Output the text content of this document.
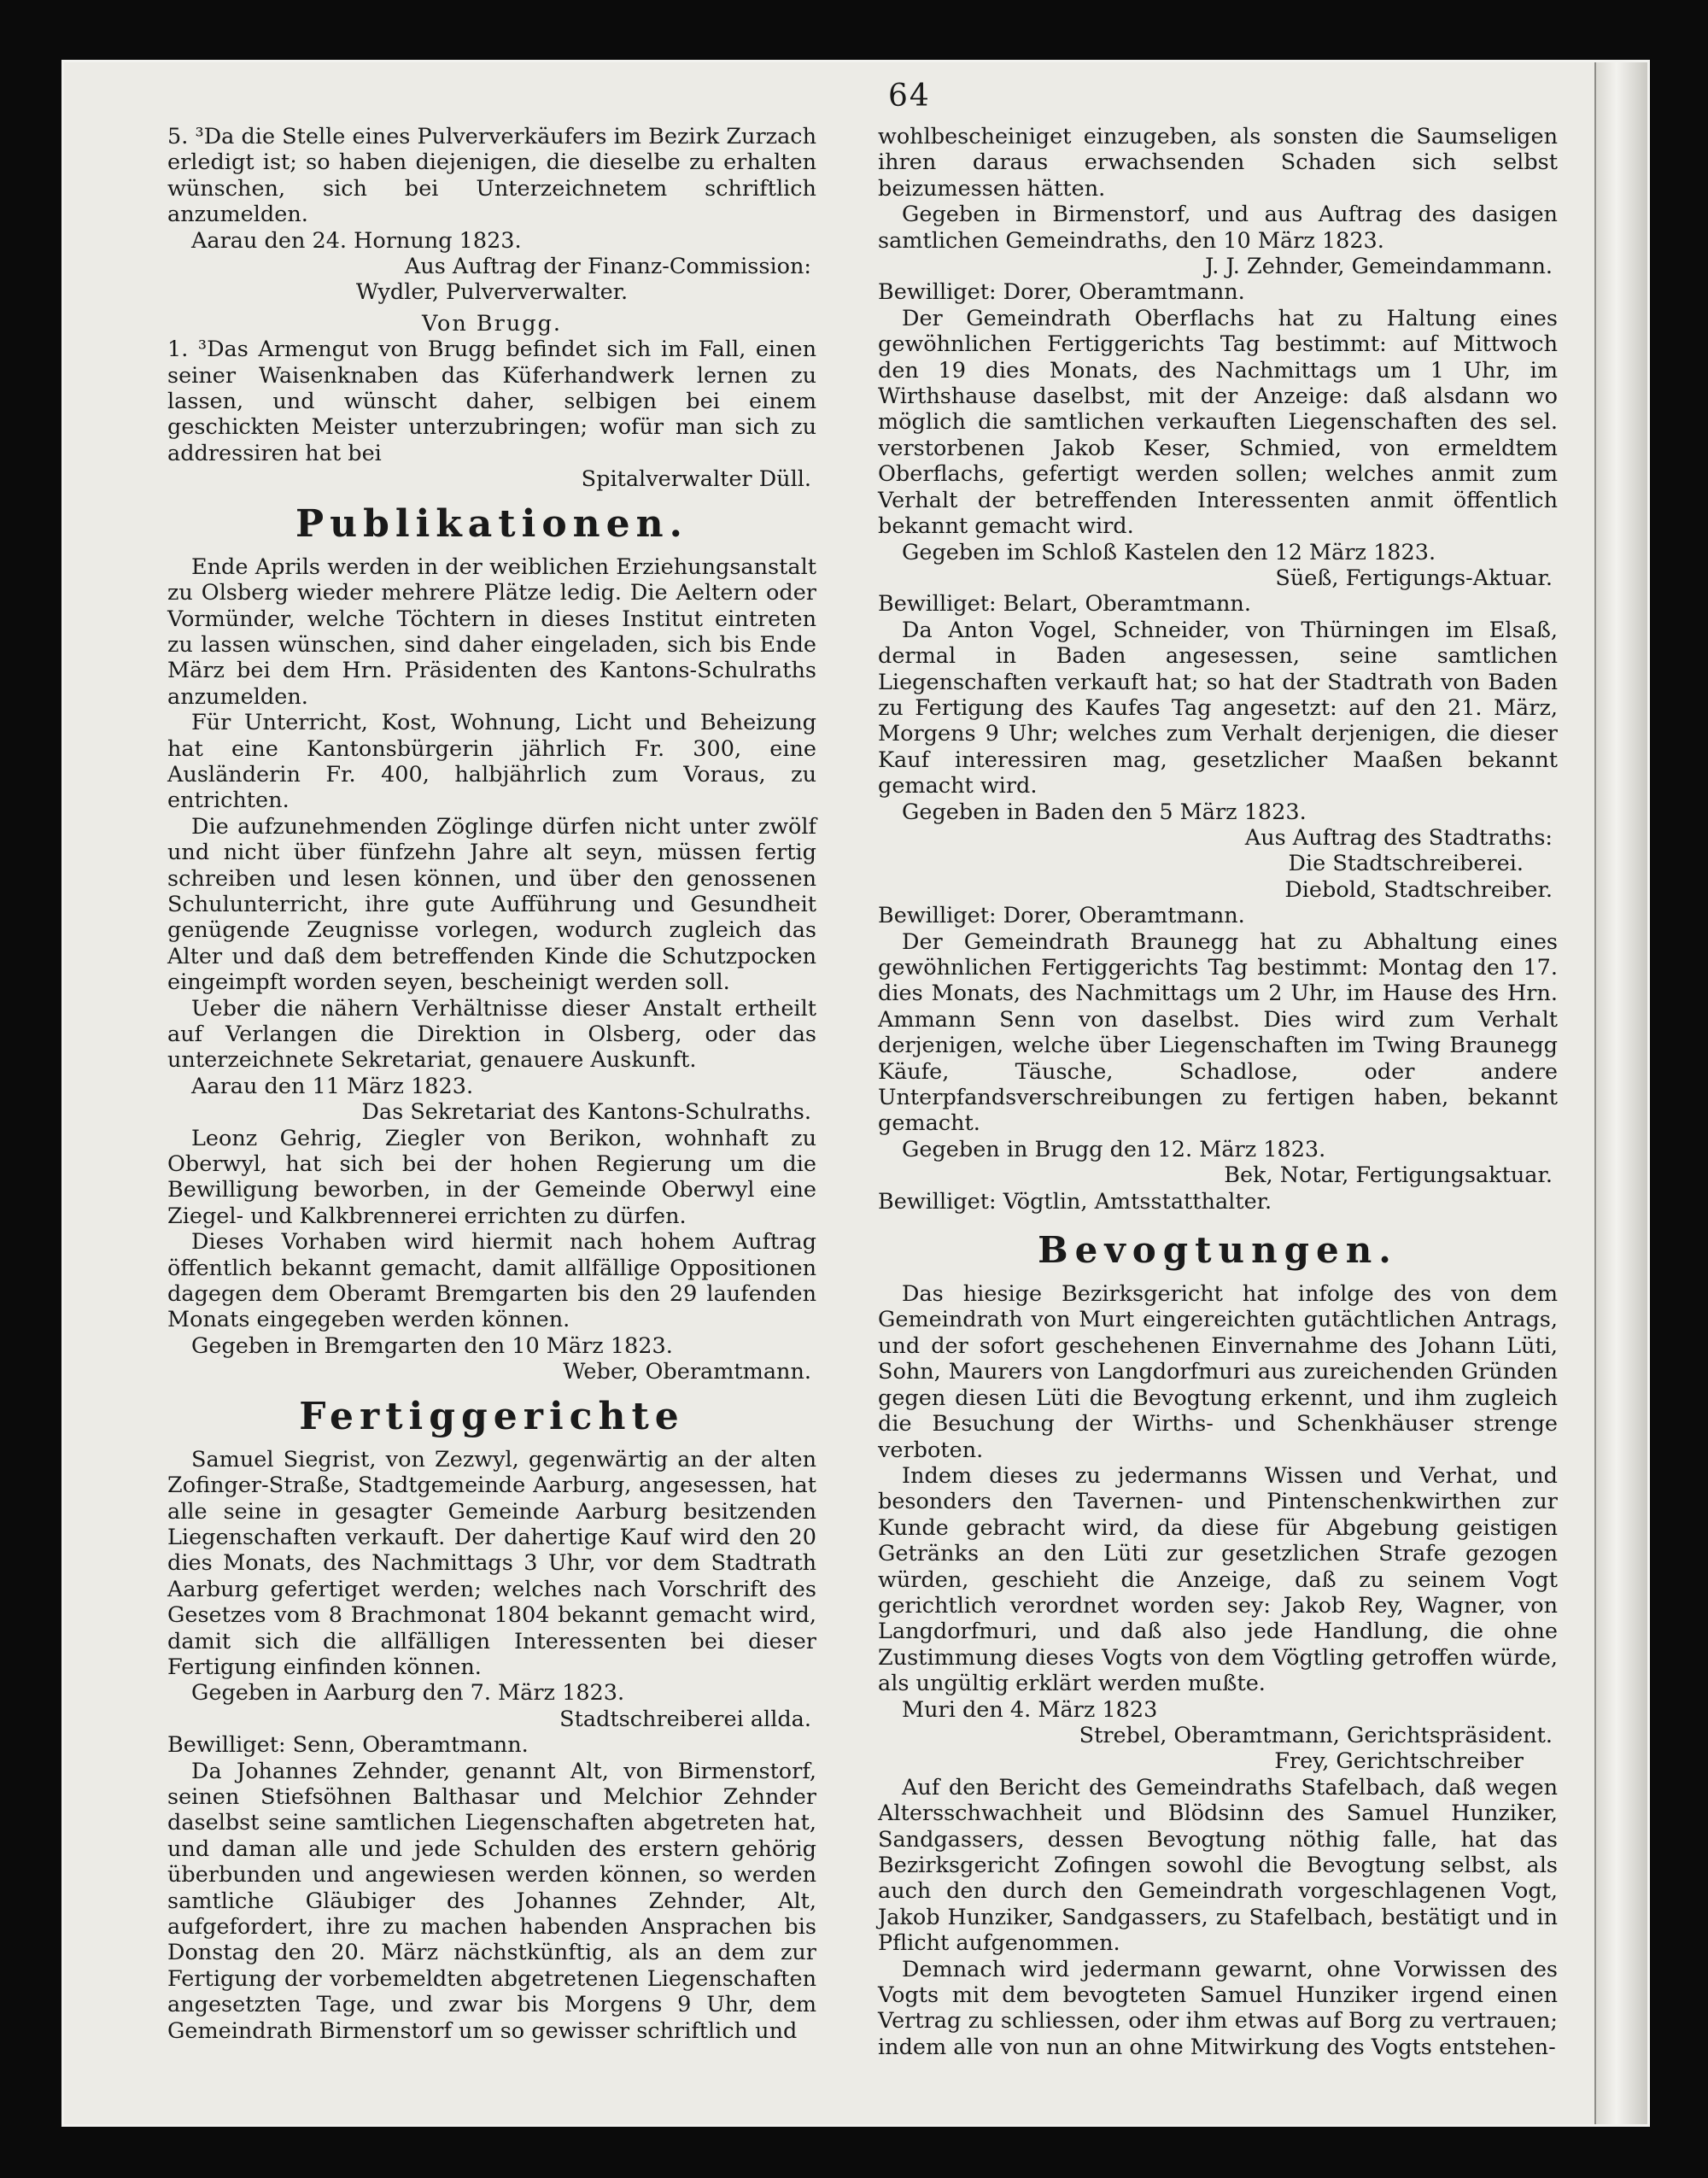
64

5. ³Da die Stelle eines Pulververkäufers im Bezirk Zurzach erledigt ist; so haben diejenigen, die dieselbe zu erhalten wünschen, sich bei Unterzeichnetem schriftlich anzumelden.

Aarau den 24. Hornung 1823.

Aus Auftrag der Finanz-Commission:

Wydler, Pulververwalter.

Von Brugg.

1. ³Das Armengut von Brugg befindet sich im Fall, einen seiner Waisenknaben das Küferhandwerk lernen zu lassen, und wünscht daher, selbigen bei einem geschickten Meister unterzubringen; wofür man sich zu addressiren hat bei

Spitalverwalter Düll.

Publikationen.

Ende Aprils werden in der weiblichen Erziehungsanstalt zu Olsberg wieder mehrere Plätze ledig. Die Aeltern oder Vormünder, welche Töchtern in dieses Institut eintreten zu lassen wünschen, sind daher eingeladen, sich bis Ende März bei dem Hrn. Präsidenten des Kantons-Schulraths anzumelden.

Für Unterricht, Kost, Wohnung, Licht und Beheizung hat eine Kantonsbürgerin jährlich Fr. 300, eine Ausländerin Fr. 400, halbjährlich zum Voraus, zu entrichten.

Die aufzunehmenden Zöglinge dürfen nicht unter zwölf und nicht über fünfzehn Jahre alt seyn, müssen fertig schreiben und lesen können, und über den genossenen Schulunterricht, ihre gute Aufführung und Gesundheit genügende Zeugnisse vorlegen, wodurch zugleich das Alter und daß dem betreffenden Kinde die Schutzpocken eingeimpft worden seyen, bescheinigt werden soll.

Ueber die nähern Verhältnisse dieser Anstalt ertheilt auf Verlangen die Direktion in Olsberg, oder das unterzeichnete Sekretariat, genauere Auskunft.

Aarau den 11 März 1823.

Das Sekretariat des Kantons-Schulraths.

Leonz Gehrig, Ziegler von Berikon, wohnhaft zu Oberwyl, hat sich bei der hohen Regierung um die Bewilligung beworben, in der Gemeinde Oberwyl eine Ziegel- und Kalkbrennerei errichten zu dürfen.

Dieses Vorhaben wird hiermit nach hohem Auftrag öffentlich bekannt gemacht, damit allfällige Oppositionen dagegen dem Oberamt Bremgarten bis den 29 laufenden Monats eingegeben werden können.

Gegeben in Bremgarten den 10 März 1823.

Weber, Oberamtmann.

Fertiggerichte

Samuel Siegrist, von Zezwyl, gegenwärtig an der alten Zofinger-Straße, Stadtgemeinde Aarburg, angesessen, hat alle seine in gesagter Gemeinde Aarburg besitzenden Liegenschaften verkauft. Der dahertige Kauf wird den 20 dies Monats, des Nachmittags 3 Uhr, vor dem Stadtrath Aarburg gefertiget werden; welches nach Vorschrift des Gesetzes vom 8 Brachmonat 1804 bekannt gemacht wird, damit sich die allfälligen Interessenten bei dieser Fertigung einfinden können.

Gegeben in Aarburg den 7. März 1823.

Stadtschreiberei allda.

Bewilliget: Senn, Oberamtmann.

Da Johannes Zehnder, genannt Alt, von Birmenstorf, seinen Stiefsöhnen Balthasar und Melchior Zehnder daselbst seine samtlichen Liegenschaften abgetreten hat, und daman alle und jede Schulden des erstern gehörig überbunden und angewiesen werden können, so werden samtliche Gläubiger des Johannes Zehnder, Alt, aufgefordert, ihre zu machen habenden Ansprachen bis Donstag den 20. März nächstkünftig, als an dem zur Fertigung der vorbemeldten abgetretenen Liegenschaften angesetzten Tage, und zwar bis Morgens 9 Uhr, dem Gemeindrath Birmenstorf um so gewisser schriftlich und

wohlbescheiniget einzugeben, als sonsten die Saumseligen ihren daraus erwachsenden Schaden sich selbst beizumessen hätten.

Gegeben in Birmenstorf, und aus Auftrag des dasigen samtlichen Gemeindraths, den 10 März 1823.

J. J. Zehnder, Gemeindammann.

Bewilliget: Dorer, Oberamtmann.

Der Gemeindrath Oberflachs hat zu Haltung eines gewöhnlichen Fertiggerichts Tag bestimmt: auf Mittwoch den 19 dies Monats, des Nachmittags um 1 Uhr, im Wirthshause daselbst, mit der Anzeige: daß alsdann wo möglich die samtlichen verkauften Liegenschaften des sel. verstorbenen Jakob Keser, Schmied, von ermeldtem Oberflachs, gefertigt werden sollen; welches anmit zum Verhalt der betreffenden Interessenten anmit öffentlich bekannt gemacht wird.

Gegeben im Schloß Kastelen den 12 März 1823.

Süeß, Fertigungs-Aktuar.

Bewilliget: Belart, Oberamtmann.

Da Anton Vogel, Schneider, von Thürningen im Elsaß, dermal in Baden angesessen, seine samtlichen Liegenschaften verkauft hat; so hat der Stadtrath von Baden zu Fertigung des Kaufes Tag angesetzt: auf den 21. März, Morgens 9 Uhr; welches zum Verhalt derjenigen, die dieser Kauf interessiren mag, gesetzlicher Maaßen bekannt gemacht wird.

Gegeben in Baden den 5 März 1823.

Aus Auftrag des Stadtraths:

Die Stadtschreiberei.

Diebold, Stadtschreiber.

Bewilliget: Dorer, Oberamtmann.

Der Gemeindrath Braunegg hat zu Abhaltung eines gewöhnlichen Fertiggerichts Tag bestimmt: Montag den 17. dies Monats, des Nachmittags um 2 Uhr, im Hause des Hrn. Ammann Senn von daselbst. Dies wird zum Verhalt derjenigen, welche über Liegenschaften im Twing Braunegg Käufe, Täusche, Schadlose, oder andere Unterpfandsverschreibungen zu fertigen haben, bekannt gemacht.

Gegeben in Brugg den 12. März 1823.

Bek, Notar, Fertigungsaktuar.

Bewilliget: Vögtlin, Amtsstatthalter.

Bevogtungen.

Das hiesige Bezirksgericht hat infolge des von dem Gemeindrath von Murt eingereichten gutächtlichen Antrags, und der sofort geschehenen Einvernahme des Johann Lüti, Sohn, Maurers von Langdorfmuri aus zureichenden Gründen gegen diesen Lüti die Bevogtung erkennt, und ihm zugleich die Besuchung der Wirths- und Schenkhäuser strenge verboten.

Indem dieses zu jedermanns Wissen und Verhat, und besonders den Tavernen- und Pintenschenkwirthen zur Kunde gebracht wird, da diese für Abgebung geistigen Getränks an den Lüti zur gesetzlichen Strafe gezogen würden, geschieht die Anzeige, daß zu seinem Vogt gerichtlich verordnet worden sey: Jakob Rey, Wagner, von Langdorfmuri, und daß also jede Handlung, die ohne Zustimmung dieses Vogts von dem Vögtling getroffen würde, als ungültig erklärt werden mußte.

Muri den 4. März 1823

Strebel, Oberamtmann, Gerichtspräsident.

Frey, Gerichtschreiber

Auf den Bericht des Gemeindraths Stafelbach, daß wegen Altersschwachheit und Blödsinn des Samuel Hunziker, Sandgassers, dessen Bevogtung nöthig falle, hat das Bezirksgericht Zofingen sowohl die Bevogtung selbst, als auch den durch den Gemeindrath vorgeschlagenen Vogt, Jakob Hunziker, Sandgassers, zu Stafelbach, bestätigt und in Pflicht aufgenommen.

Demnach wird jedermann gewarnt, ohne Vorwissen des Vogts mit dem bevogteten Samuel Hunziker irgend einen Vertrag zu schliessen, oder ihm etwas auf Borg zu vertrauen; indem alle von nun an ohne Mitwirkung des Vogts entstehen-
